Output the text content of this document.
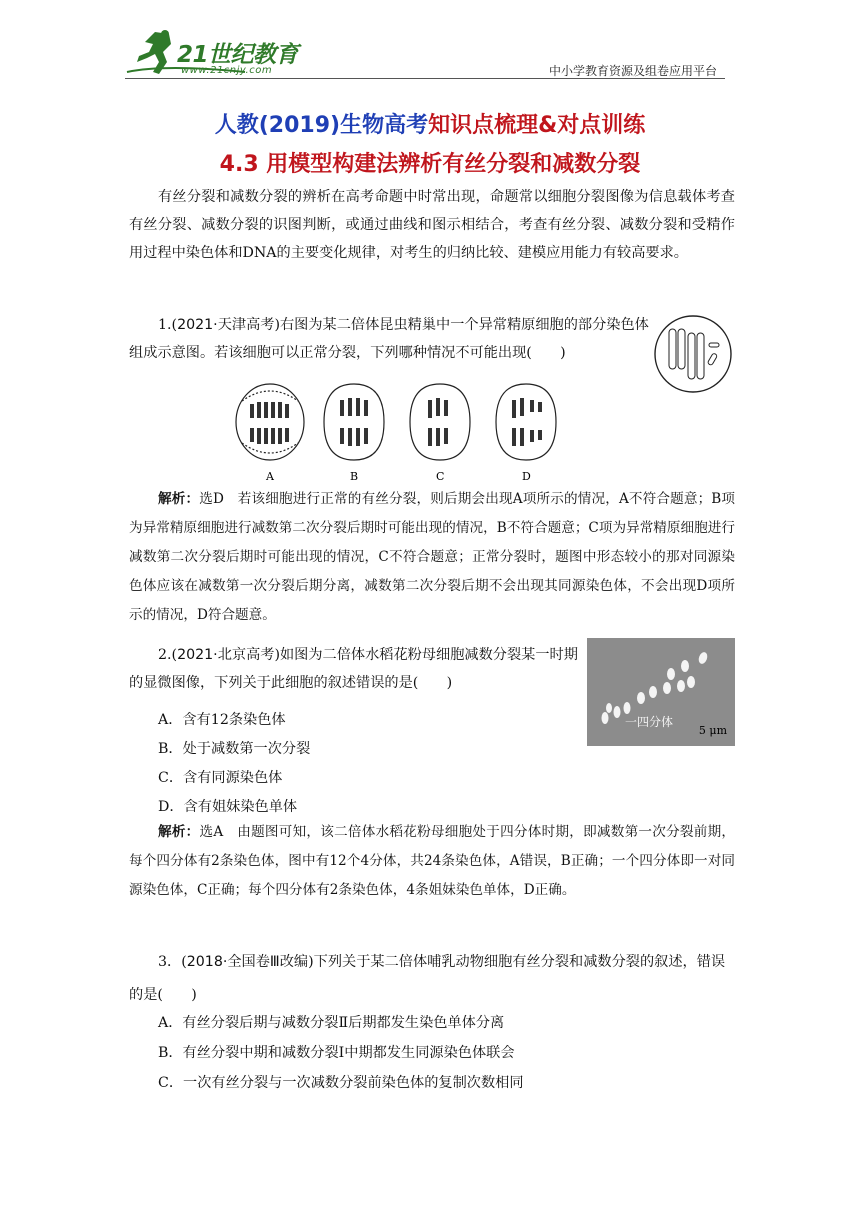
21世纪教育
www.21cnjy.com	中小学教育资源及组卷应用平台
人教(2019)生物高考知识点梳理&对点训练
4.3 用模型构建法辨析有丝分裂和减数分裂
有丝分裂和减数分裂的辨析在高考命题中时常出现，命题常以细胞分裂图像为信息载体考查有丝分裂、减数分裂的识图判断，或通过曲线和图示相结合，考查有丝分裂、减数分裂和受精作用过程中染色体和DNA的主要变化规律，对考生的归纳比较、建模应用能力有较高要求。
1.(2021·天津高考)右图为某二倍体昆虫精巢中一个异常精原细胞的部分染色体组成示意图。若该细胞可以正常分裂，下列哪种情况不可能出现(　　)
A	B	C	D
解析：选D　若该细胞进行正常的有丝分裂，则后期会出现A项所示的情况，A不符合题意；B项为异常精原细胞进行减数第二次分裂后期时可能出现的情况，B不符合题意；C项为异常精原细胞进行减数第二次分裂后期时可能出现的情况，C不符合题意；正常分裂时，题图中形态较小的那对同源染色体应该在减数第一次分裂后期分离，减数第二次分裂后期不会出现其同源染色体，不会出现D项所示的情况，D符合题意。
2.(2021·北京高考)如图为二倍体水稻花粉母细胞减数分裂某一时期的显微图像，下列关于此细胞的叙述错误的是(　　)
一四分体
5 μm
A．含有12条染色体
B．处于减数第一次分裂
C．含有同源染色体
D．含有姐妹染色单体
解析：选A　由题图可知，该二倍体水稻花粉母细胞处于四分体时期，即减数第一次分裂前期，每个四分体有2条染色体，图中有12个4分体，共24条染色体，A错误，B正确；一个四分体即一对同源染色体，C正确；每个四分体有2条染色体，4条姐妹染色单体，D正确。
3．(2018·全国卷Ⅲ改编)下列关于某二倍体哺乳动物细胞有丝分裂和减数分裂的叙述，错误的是(　　)
A．有丝分裂后期与减数分裂Ⅱ后期都发生染色单体分离
B．有丝分裂中期和减数分裂Ⅰ中期都发生同源染色体联会
C．一次有丝分裂与一次减数分裂前染色体的复制次数相同
